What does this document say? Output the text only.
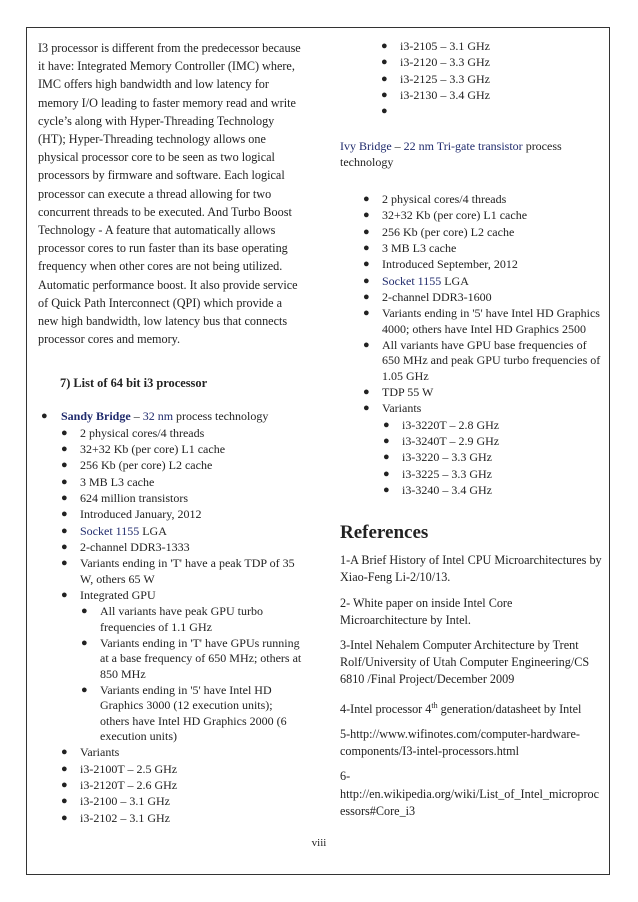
I3 processor is different from the predecessor because it have: Integrated Memory Controller (IMC) where, IMC offers high bandwidth and low latency for memory I/O leading to faster memory read and write cycle’s along with Hyper-Threading Technology (HT); Hyper-Threading technology allows one physical processor core to be seen as two logical processors by firmware and software. Each logical processor can execute a thread allowing for two concurrent threads to be executed. And Turbo Boost Technology - A feature that automatically allows processor cores to run faster than its base operating frequency when other cores are not being utilized. Automatic performance boost. It also provide service of Quick Path Interconnect (QPI) which provide a new high bandwidth, low latency bus that connects processor cores and memory.

7) List of 64 bit i3 processor
● Sandy Bridge – 32 nm process technology
● 2 physical cores/4 threads
● 32+32 Kb (per core) L1 cache
● 256 Kb (per core) L2 cache
● 3 MB L3 cache
● 624 million transistors
● Introduced January, 2012
● Socket 1155 LGA
● 2-channel DDR3-1333
● Variants ending in 'T' have a peak TDP of 35 W, others 65 W
● Integrated GPU
● All variants have peak GPU turbo frequencies of 1.1 GHz
● Variants ending in 'T' have GPUs running at a base frequency of 650 MHz; others at 850 MHz
● Variants ending in '5' have Intel HD Graphics 3000 (12 execution units); others have Intel HD Graphics 2000 (6 execution units)
● Variants
● i3-2100T – 2.5 GHz
● i3-2120T – 2.6 GHz
● i3-2100 – 3.1 GHz
● i3-2102 – 3.1 GHz
● i3-2105 – 3.1 GHz
● i3-2120 – 3.3 GHz
● i3-2125 – 3.3 GHz
● i3-2130 – 3.4 GHz
●

Ivy Bridge – 22 nm Tri-gate transistor process technology

● 2 physical cores/4 threads
● 32+32 Kb (per core) L1 cache
● 256 Kb (per core) L2 cache
● 3 MB L3 cache
● Introduced September, 2012
● Socket 1155 LGA
● 2-channel DDR3-1600
● Variants ending in '5' have Intel HD Graphics 4000; others have Intel HD Graphics 2500
● All variants have GPU base frequencies of 650 MHz and peak GPU turbo frequencies of 1.05 GHz
● TDP 55 W
● Variants
● i3-3220T – 2.8 GHz
● i3-3240T – 2.9 GHz
● i3-3220 – 3.3 GHz
● i3-3225 – 3.3 GHz
● i3-3240 – 3.4 GHz
References

1-A Brief History of Intel CPU Microarchitectures by Xiao-Feng Li-2/10/13.

2- White paper on inside Intel Core Microarchitecture by Intel.

3-Intel Nehalem Computer Architecture by Trent Rolf/University of Utah Computer Engineering/CS 6810 /Final Project/December 2009

4-Intel processor 4th generation/datasheet by Intel

5-http://www.wifinotes.com/computer-hardware-components/I3-intel-processors.html

6-
http://en.wikipedia.org/wiki/List_of_Intel_microprocessors#Core_i3

viii
